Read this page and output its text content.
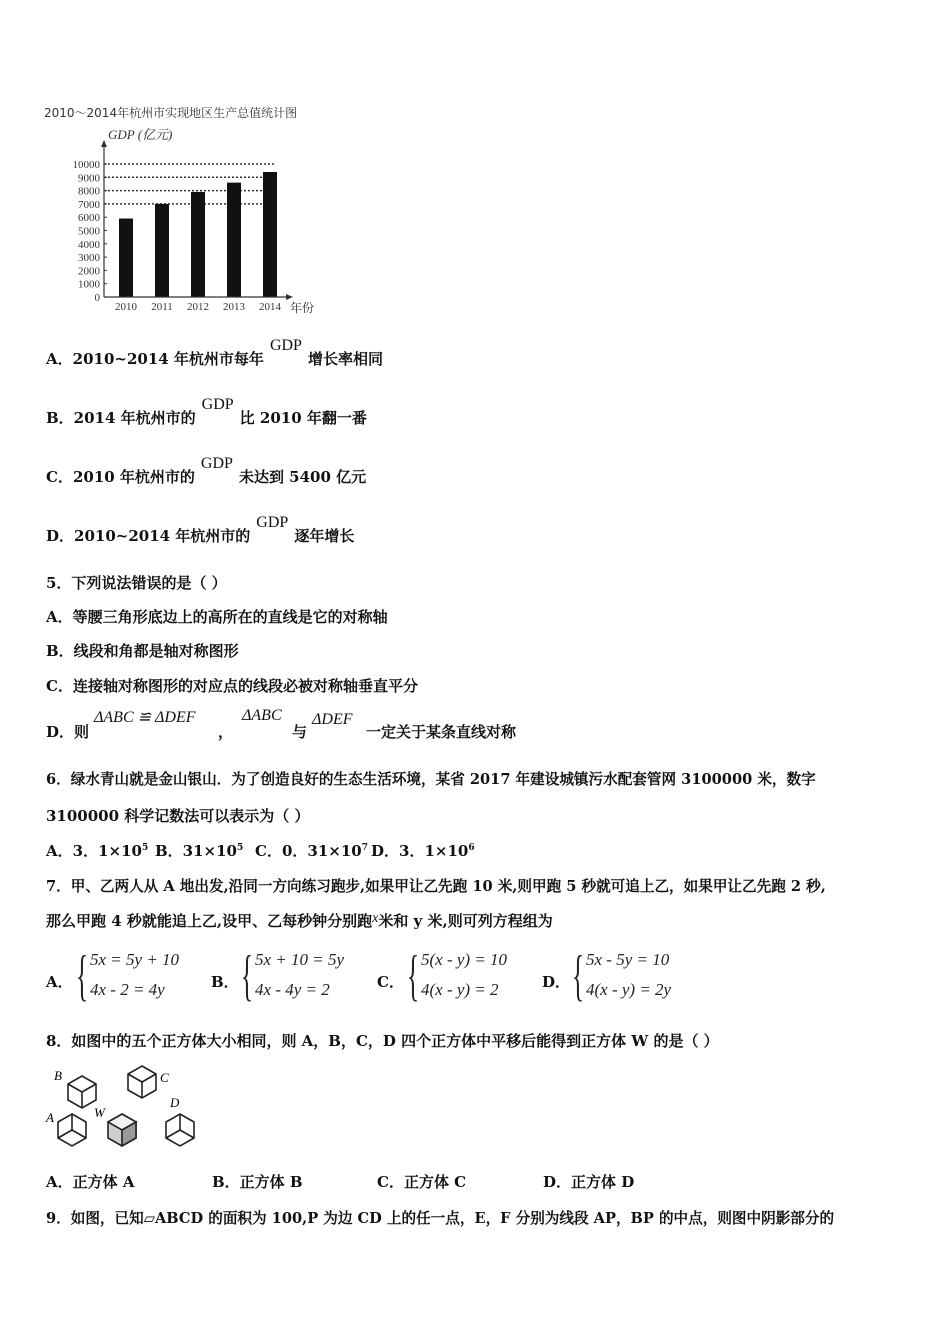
2010～2014年杭州市实现地区生产总值统计图
GDP (亿元)
10000
9000
8000
7000
6000
5000
4000
3000
2000
1000
0
2010 2011 2012 2013 2014 年份
A．2010~2014 年杭州市每年GDP增长率相同
B．2014 年杭州市的GDP比 2010 年翻一番
C．2010 年杭州市的GDP未达到 5400 亿元
D．2010~2014 年杭州市的GDP逐年增长
5．下列说法错误的是（ ）
A．等腰三角形底边上的高所在的直线是它的对称轴
B．线段和角都是轴对称图形
C．连接轴对称图形的对应点的线段必被对称轴垂直平分
D．则
ΔABC ≌ ΔDEF
，
ΔABC
与
ΔDEF
一定关于某条直线对称
6．绿水青山就是金山银山．为了创造良好的生态生活环境，某省 2017 年建设城镇污水配套管网 3100000 米，数字
3100000 科学记数法可以表示为（ ）
A．3．$1\times 10^5$ B．$31\times 10^5$ C．0．$31\times 10^7$ D．3．$1\times 10^6$
7．甲、乙两人从 A 地出发,沿同一方向练习跑步,如果甲让乙先跑 10 米,则甲跑 5 秒就可追上乙，如果甲让乙先跑 2 秒,
那么甲跑 4 秒就能追上乙,设甲、乙每秒钟分别跑x米和 y 米,则可列方程组为
A． { 5x = 5y + 10
4x - 2 = 4y	B． { 5x + 10 = 5y
4x - 4y = 2	C． { 5(x - y) = 10
4(x - y) = 2	D． { 5x - 5y = 10
4(x - y) = 2y
8．如图中的五个正方体大小相同，则 A，B，C，D 四个正方体中平移后能得到正方体 W 的是（ ）
B	C
A	W
D
A．正方体 A	B．正方体 B	C．正方体 C	D．正方体 D
9．如图，已知▱ABCD 的面积为 100,P 为边 CD 上的任一点，E，F 分别为线段 AP，BP 的中点，则图中阴影部分的
